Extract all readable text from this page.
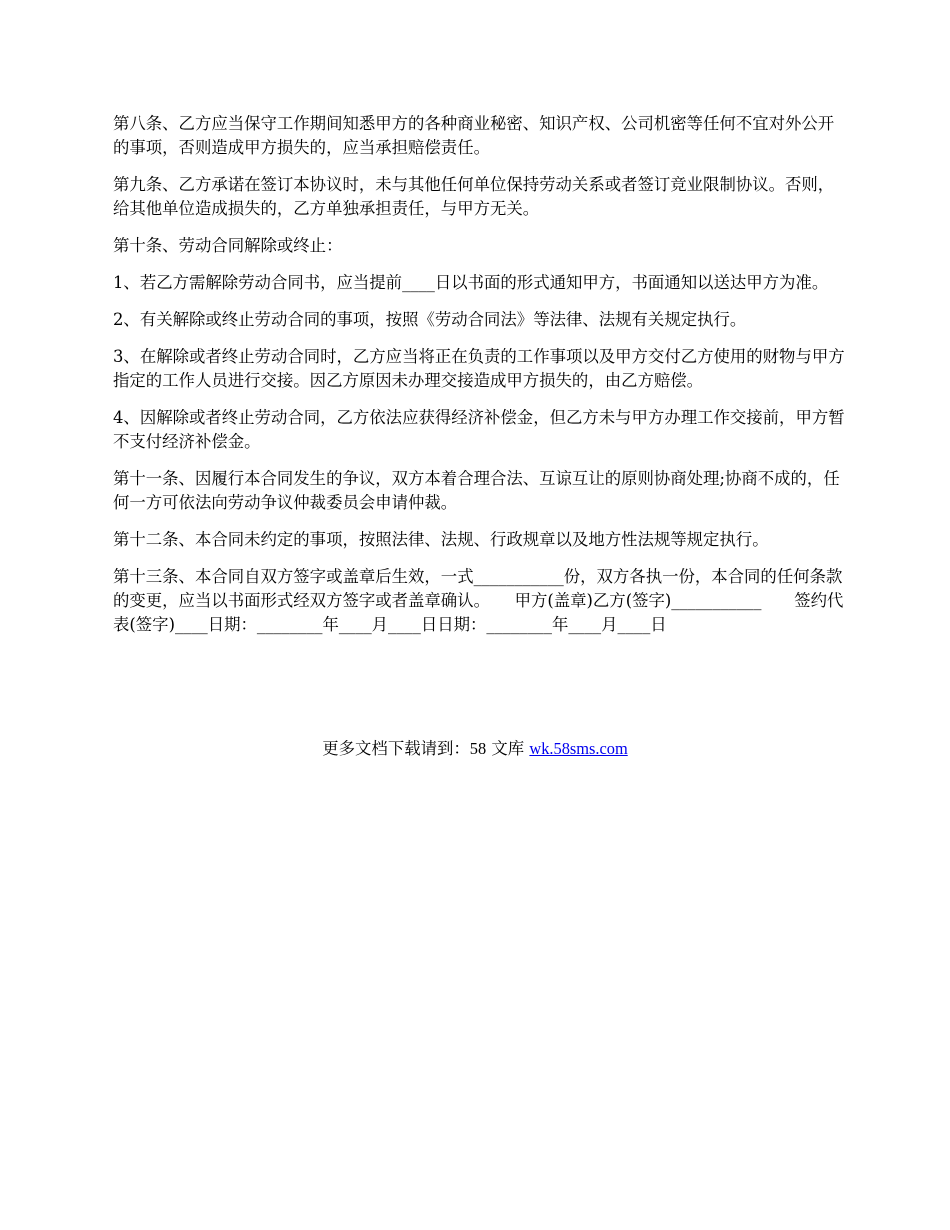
第八条、乙方应当保守工作期间知悉甲方的各种商业秘密、知识产权、公司机密等任何不宜对外公开的事项，否则造成甲方损失的，应当承担赔偿责任。

第九条、乙方承诺在签订本协议时，未与其他任何单位保持劳动关系或者签订竞业限制协议。否则，给其他单位造成损失的，乙方单独承担责任，与甲方无关。

第十条、劳动合同解除或终止：

1、若乙方需解除劳动合同书，应当提前____日以书面的形式通知甲方，书面通知以送达甲方为准。

2、有关解除或终止劳动合同的事项，按照《劳动合同法》等法律、法规有关规定执行。

3、在解除或者终止劳动合同时，乙方应当将正在负责的工作事项以及甲方交付乙方使用的财物与甲方指定的工作人员进行交接。因乙方原因未办理交接造成甲方损失的，由乙方赔偿。

4、因解除或者终止劳动合同，乙方依法应获得经济补偿金，但乙方未与甲方办理工作交接前，甲方暂不支付经济补偿金。

第十一条、因履行本合同发生的争议，双方本着合理合法、互谅互让的原则协商处理;协商不成的，任何一方可依法向劳动争议仲裁委员会申请仲裁。

第十二条、本合同未约定的事项，按照法律、法规、行政规章以及地方性法规等规定执行。

第十三条、本合同自双方签字或盖章后生效，一式___________份，双方各执一份，本合同的任何条款的变更，应当以书面形式经双方签字或者盖章确认。　　甲方(盖章)乙方(签字)___________　　签约代表(签字)____日期：________年____月____日日期：________年____月____日

更多文档下载请到：58 文库 wk.58sms.com
